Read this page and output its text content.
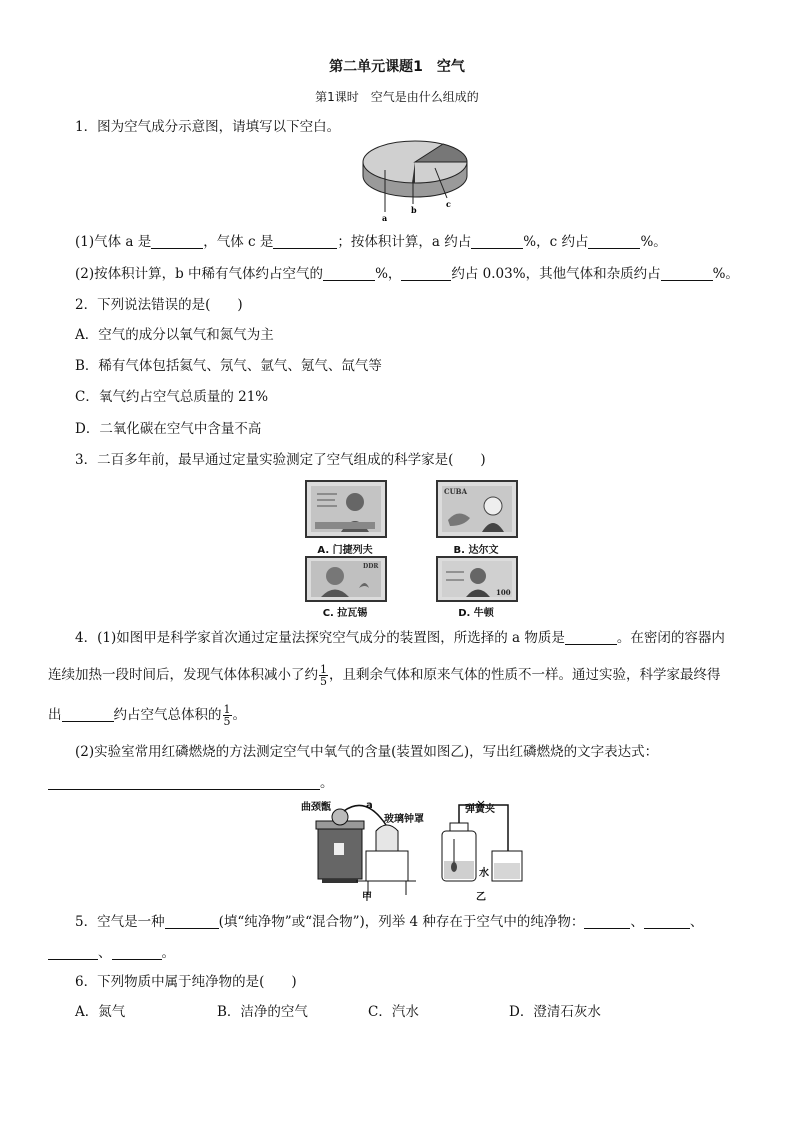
第二单元课题1　空气
第1课时　空气是由什么组成的
1．图为空气成分示意图，请填写以下空白。
a
b
c
(1)气体 a 是	，气体 c 是	；按体积计算，a 约占	%，c 约占	%。
(2)按体积计算，b 中稀有气体约占空气的	%，	约占 0.03%，其他气体和杂质约占	%。
2．下列说法错误的是(　　)
A．空气的成分以氧气和氮气为主
B．稀有气体包括氦气、氖气、氩气、氪气、氙气等
C．氧气约占空气总质量的 21%
D．二氧化碳在空气中含量不高
3．二百多年前，最早通过定量实验测定了空气组成的科学家是(　　)
A. 门捷列夫
CUBA
B. 达尔文
DDR
C. 拉瓦锡
100
D. 牛顿
4．(1)如图甲是科学家首次通过定量法探究空气成分的装置图，所选择的 a 物质是	。在密闭的容器内
连续加热一段时间后，发现气体体积减小了约 $\frac{1}{5}$ ，且剩余气体和原来气体的性质不一样。通过实验，科学家最终得
出	约占空气总体积的 $\frac{1}{5}$ 。
(2)实验室常用红磷燃烧的方法测定空气中氧气的含量(装置如图乙)，写出红磷燃烧的文字表达式：
。
曲颈甑	a
玻璃钟罩
弹簧夹
水
甲	乙
5．空气是一种	(填“纯净物”或“混合物”)，列举 4 种存在于空气中的纯净物：	、	、
、	。
6．下列物质中属于纯净物的是(　　)
A．氮气	B．洁净的空气	C．汽水	D．澄清石灰水
